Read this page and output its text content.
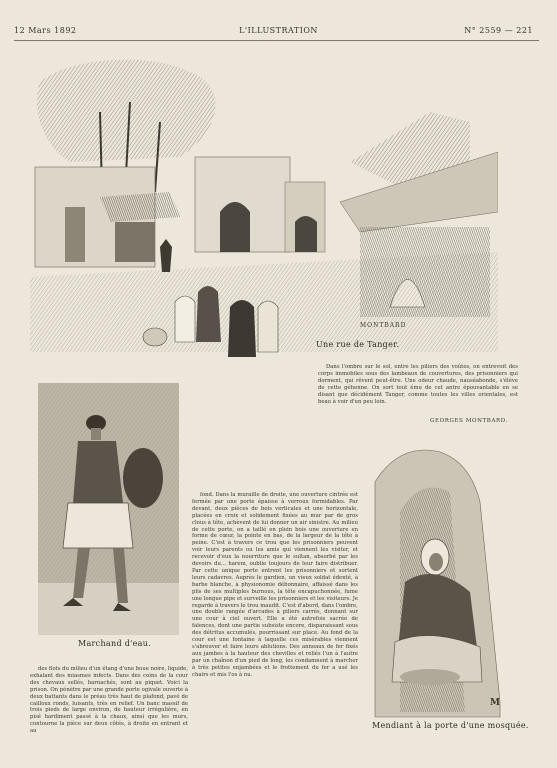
12 Mars 1892	L'ILLUSTRATION	N° 2559 — 221
MONTBARD
Une rue de Tanger.

Dans l'ombre sur le sol, entre les piliers des voûtes, on entrevoit des corps immobiles sous des lambeaux de couvertures, des prisonniers qui dorment, qui rêvent peut-être. Une odeur chaude, nauséabonde, s'élève de cette géhenne. On sort tout ému de cet antre épouvantable en se disant que décidément Tanger, comme toutes les villes orientales, est beau à voir d'un peu loin.

GEORGES MONTBARD.
Marchand d'eau.
M
Mendiant à la porte d'une mosquée.

fond. Dans la muraille de droite, une ouverture cintrée est fermée par une porte épaisse à verroux formidables. Par devant, deux pièces de bois verticales et une horizontale, placées en croix et solidement fixées au mur par de gros clous à tête, achèvent de lui donner un air sinistre. Au milieu de cette porte, on a taillé en plein bois une ouverture en forme de cœur, la pointe en bas, de la largeur de la tête à peine. C'est à travers ce trou que les prisonniers peuvent voir leurs parents ou les amis qui viennent les visiter, et recevoir d'eux la nourriture que le sultan, absorbé par les devoirs du... harem, oublie toujours de leur faire distribuer. Par cette unique porte entrent les prisonniers et sortent leurs cadavres. Auprès le gardien, un vieux soldat édenté, à barbe blanche, à physionomie débonnaire, affaissé dans les plis de ses multiples burnous, la tête encapuchonnée, fume une longue pipe et surveille les prisonniers et les visiteurs. Je regarde à travers le trou maudit. C'est d'abord, dans l'ombre, une double rangée d'arcades à piliers carrés, donnant sur une cour à ciel ouvert. Elle a été autrefois sacrée de faïences, dont une partie subsiste encore, disparaissant sous des détritus accumulés, pourrissant sur place. Au fond de la cour est une fontaine à laquelle ces misérables viennent s'abreuver et faire leurs ablutions. Des anneaux de fer fixés aux jambes à la hauteur des chevilles et reliés l'un à l'autre par un chaînon d'un pied de long, les condamnent à marcher à très petites enjambées et le frottement du fer a usé les chairs et mis l'os à nu.

des flots du milieu d'un étang d'une boue noire, liquide, exhalant des miasmes infects. Dans des coins de la cour des chevaux sellés, harnachés, sont au piquet. Voici la prison. On pénètre par une grande porte ogivale ouverte à deux battants dans le préau très haut de plafond, pavé de cailloux ronds, luisants, très en relief. Un banc massif de trois pieds de large environ, de hauteur irrégulière, en pisé hardiment passé à la chaux, ainsi que les murs, contourne la pièce sur deux côtés, à droite en entrant et au
